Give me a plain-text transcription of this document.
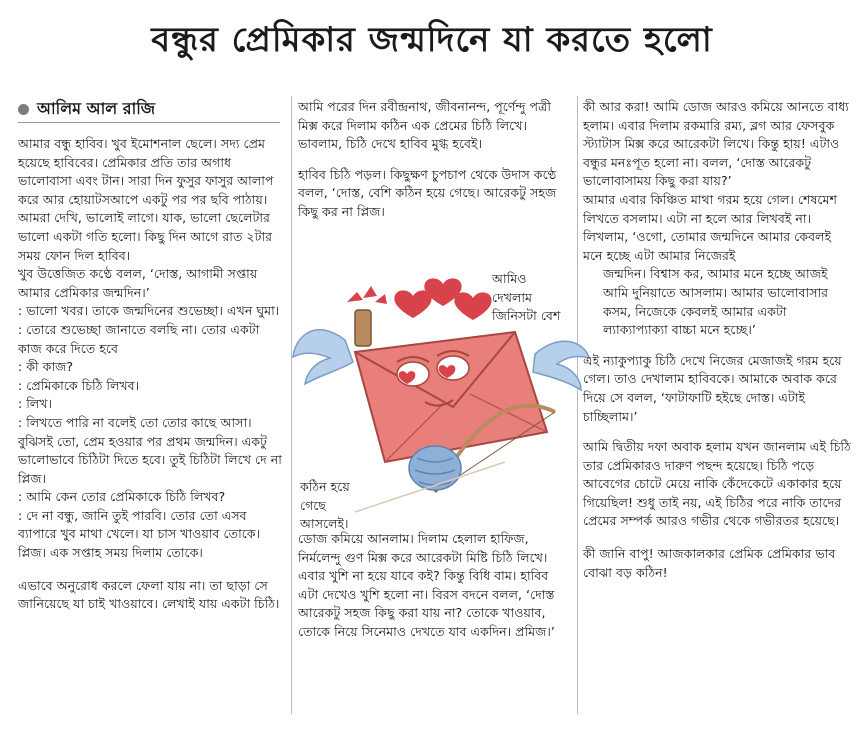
বন্ধুর প্রেমিকার জন্মদিনে যা করতে হলো
আলিম আল রাজি

আমার বন্ধু হাবিব। খুব ইমোশনাল ছেলে। সদ্য প্রেম হয়েছে হাবিবের। প্রেমিকার প্রতি তার অগাধ ভালোবাসা এবং টান। সারা দিন ফুসুর ফাসুর আলাপ করে আর হোয়াটসআপে একটু পর পর ছবি পাঠায়। আমরা দেখি, ভালোই লাগে। যাক, ভালো ছেলেটার ভালো একটা গতি হলো। কিছু দিন আগে রাত ২টার সময় ফোন দিল হাবিব।

খুব উত্তেজিত কণ্ঠে বলল, ‘দোস্ত, আগামী সপ্তায় আমার প্রেমিকার জন্মদিন।’

: ভালো খবর। তাকে জন্মদিনের শুভেচ্ছা। এখন ঘুমা।

: তোরে শুভেচ্ছা জানাতে বলছি না। তোর একটা কাজ করে দিতে হবে

: কী কাজ?

: প্রেমিকাকে চিঠি লিখব।

: লিখ।

: লিখতে পারি না বলেই তো তোর কাছে আসা। বুঝিসই তো, প্রেম হওয়ার পর প্রথম জন্মদিন। একটু ভালোভাবে চিঠিটা দিতে হবে। তুই চিঠিটা লিখে দে না প্লিজ।

: আমি কেন তোর প্রেমিকাকে চিঠি লিখব?

: দে না বন্ধু, জানি তুই পারবি। তোর তো এসব ব্যাপারে খুব মাথা খেলে। যা চাস খাওয়াব তোকে। প্লিজ। এক সপ্তাহ সময় দিলাম তোকে।

এভাবে অনুরোধ করলে ফেলা যায় না। তা ছাড়া সে জানিয়েছে যা চাই খাওয়াবে। লেখাই যায় একটা চিঠি।

আমি পরের দিন রবীন্দ্রনাথ, জীবনানন্দ, পূর্ণেন্দু পত্রী মিক্স করে দিলাম কঠিন এক প্রেমের চিঠি লিখে। ভাবলাম, চিঠি দেখে হাবিব মুগ্ধ হবেই।

হাবিব চিঠি পড়ল। কিছুক্ষণ চুপচাপ থেকে উদাস কণ্ঠে বলল, ‘দোস্ত, বেশি কঠিন হয়ে গেছে। আরেকটু সহজ কিছু কর না প্লিজ।

আমিও দেখলাম জিনিসটা বেশ
কঠিন হয়ে গেছে আসলেই।

ডোজ কমিয়ে আনলাম। দিলাম হেলাল হাফিজ, নির্মলেন্দু গুণ মিক্স করে আরেকটা মিষ্টি চিঠি লিখে। এবার খুশি না হয়ে যাবে কই? কিন্তু বিধি বাম। হাবিব এটা দেখেও খুশি হলো না। বিরস বদনে বলল, ‘দোস্ত আরেকটু সহজ কিছু করা যায় না? তোকে খাওয়াব, তোকে নিয়ে সিনেমাও দেখতে যাব একদিন। প্রমিজ।’

কী আর করা! আমি ডোজ আরও কমিয়ে আনতে বাধ্য হলাম। এবার দিলাম রকমারি রম্য, ব্লগ আর ফেসবুক স্ট্যাটাস মিক্স করে আরেকটা লিখে। কিন্তু হায়! এটাও বন্ধুর মনঃপূত হলো না। বলল, ‘দোস্ত আরেকটু ভালোবাসাময় কিছু করা যায়?’

আমার এবার কিঞ্চিত মাথা গরম হয়ে গেল। শেষমেশ লিখতে বসলাম। এটা না হলে আর লিখবই না।

লিখলাম, ‘ওগো, তোমার জন্মদিনে আমার কেবলই মনে হচ্ছে এটা আমার নিজেরই

জন্মদিন। বিশ্বাস কর, আমার মনে হচ্ছে আজই আমি দুনিয়াতে আসলাম। আমার ভালোবাসার কসম, নিজেকে কেবলই আমার একটা ল্যাক্যাপ্যাক্যা বাচ্চা মনে হচ্ছে।’

এই ন্যাকুপ্যাকু চিঠি দেখে নিজের মেজাজই গরম হয়ে গেল। তাও দেখালাম হাবিবকে। আমাকে অবাক করে দিয়ে সে বলল, ‘ফাটাফাটি হইছে দোস্ত। এটাই চাচ্ছিলাম।’

আমি দ্বিতীয় দফা অবাক হলাম যখন জানলাম এই চিঠি তার প্রেমিকারও দারুণ পছন্দ হয়েছে। চিঠি পড়ে আবেগের চোটে মেয়ে নাকি কেঁদেকেটে একাকার হয়ে গিয়েছিল! শুধু তাই নয়, এই চিঠির পরে নাকি তাদের প্রেমের সম্পর্ক আরও গভীর থেকে গভীরতর হয়েছে।

কী জানি বাপু! আজকালকার প্রেমিক প্রেমিকার ভাব বোঝা বড় কঠিন!
